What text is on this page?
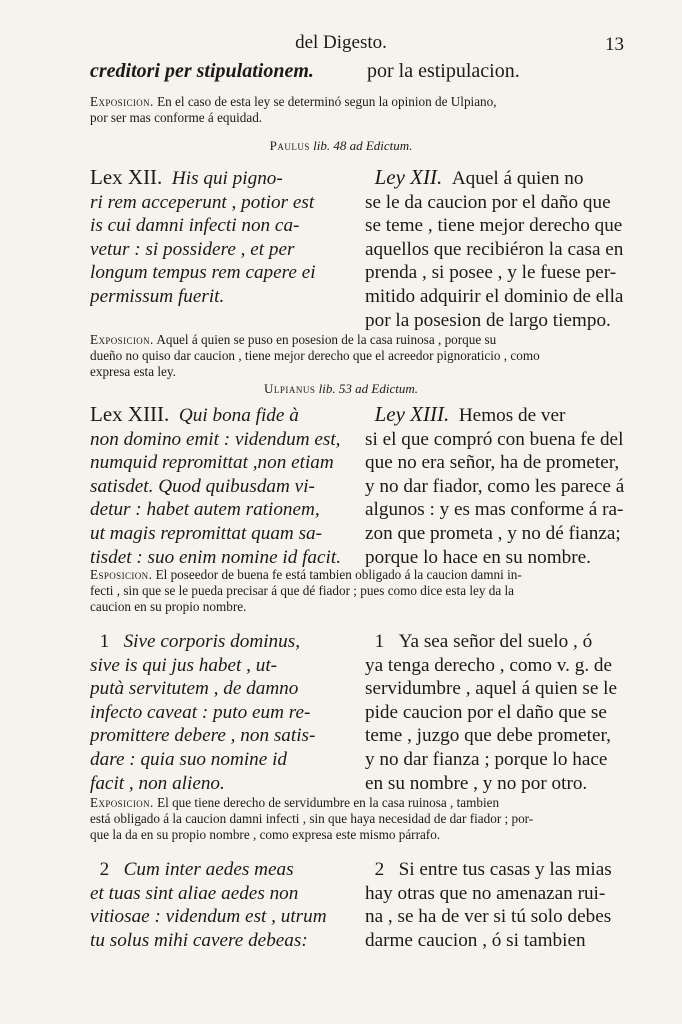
del Digesto.	13
creditori per stipulationem.	por la estipulacion.
Exposicion. En el caso de esta ley se determinó segun la opinion de Ulpiano,
por ser mas conforme á equidad.
Paulus lib. 48 ad Edictum.
Lex XII. His qui pigno-
ri rem acceperunt , potior est
is cui damni infecti non ca-
vetur : si possidere , et per
longum tempus rem capere ei
permissum fuerit.
Ley XII. Aquel á quien no
se le da caucion por el daño que
se teme , tiene mejor derecho que
aquellos que recibiéron la casa en
prenda , si posee , y le fuese per-
mitido adquirir el dominio de ella
por la posesion de largo tiempo.
Exposicion. Aquel á quien se puso en posesion de la casa ruinosa , porque su
dueño no quiso dar caucion , tiene mejor derecho que el acreedor pignoraticio , como
expresa esta ley.
Ulpianus lib. 53 ad Edictum.
Lex XIII. Qui bona fide à
non domino emit : videndum est,
numquid repromittat ,non etiam
satisdet. Quod quibusdam vi-
detur : habet autem rationem,
ut magis repromittat quam sa-
tisdet : suo enim nomine id facit.
Ley XIII. Hemos de ver
si el que compró con buena fe del
que no era señor, ha de prometer,
y no dar fiador, como les parece á
algunos : y es mas conforme á ra-
zon que prometa , y no dé fianza;
porque lo hace en su nombre.
Esposicion. El poseedor de buena fe está tambien obligado á la caucion damni in-
fecti , sin que se le pueda precisar á que dé fiador ; pues como dice esta ley da la
caucion en su propio nombre.
1 Sive corporis dominus,
sive is qui jus habet , ut-
putà servitutem , de damno
infecto caveat : puto eum re-
promittere debere , non satis-
dare : quia suo nomine id
facit , non alieno.
1 Ya sea señor del suelo , ó
ya tenga derecho , como v. g. de
servidumbre , aquel á quien se le
pide caucion por el daño que se
teme , juzgo que debe prometer,
y no dar fianza ; porque lo hace
en su nombre , y no por otro.
Exposicion. El que tiene derecho de servidumbre en la casa ruinosa , tambien
está obligado á la caucion damni infecti , sin que haya necesidad de dar fiador ; por-
que la da en su propio nombre , como expresa este mismo párrafo.
2 Cum inter aedes meas
et tuas sint aliae aedes non
vitiosae : videndum est , utrum
tu solus mihi cavere debeas:
2 Si entre tus casas y las mias
hay otras que no amenazan rui-
na , se ha de ver si tú solo debes
darme caucion , ó si tambien
